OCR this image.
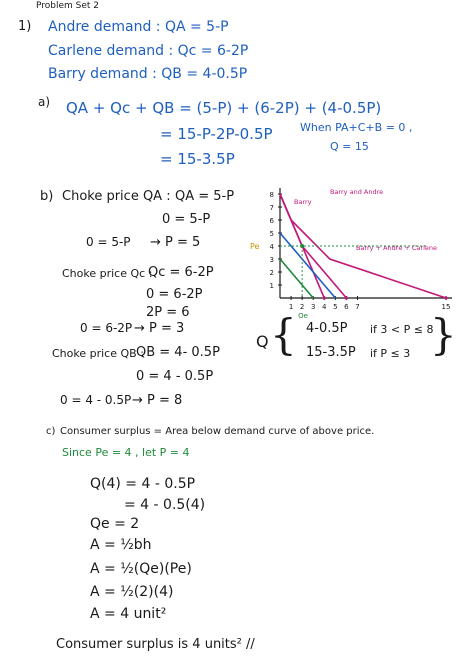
Problem Set 2
1) Andre demand : QA = 5-P
Carlene demand : Qc = 6-2P
Barry demand : QB = 4-0.5P
a) QA + Qc + QB = (5-P) + (6-2P) + (4-0.5P)
= 15-P-2P-0.5P
= 15-3.5P
When PA+C+B = 0 ,
Q = 15
b) Choke price QA : QA = 5-P
0 = 5-P
0 = 5-P → P = 5
Choke price Qc :
Qc = 6-2P
0 = 6-2P
2P = 6
0 = 6-2P → P = 3
Choke price QB :
QB = 4- 0.5P
0 = 4 - 0.5P
0 = 4 - 0.5P → P = 8
Q { 4-0.5P if 3 < P ≤ 8
15-3.5P if P ≤ 3 }
1
2
3
4
5
6
7
8
1 2 3 4 5 6 7	15
Barry
Barry and Andre
Barry + Andre + Carlene
Pe
Qe
c) Consumer surplus = Area below demand curve of above price.
Since Pe = 4 , let P = 4
Q(4) = 4 - 0.5P
= 4 - 0.5(4)
Qe = 2
A = ½bh
A = ½(Qe)(Pe)
A = ½(2)(4)
A = 4 unit²
Consumer surplus is 4 units² //
